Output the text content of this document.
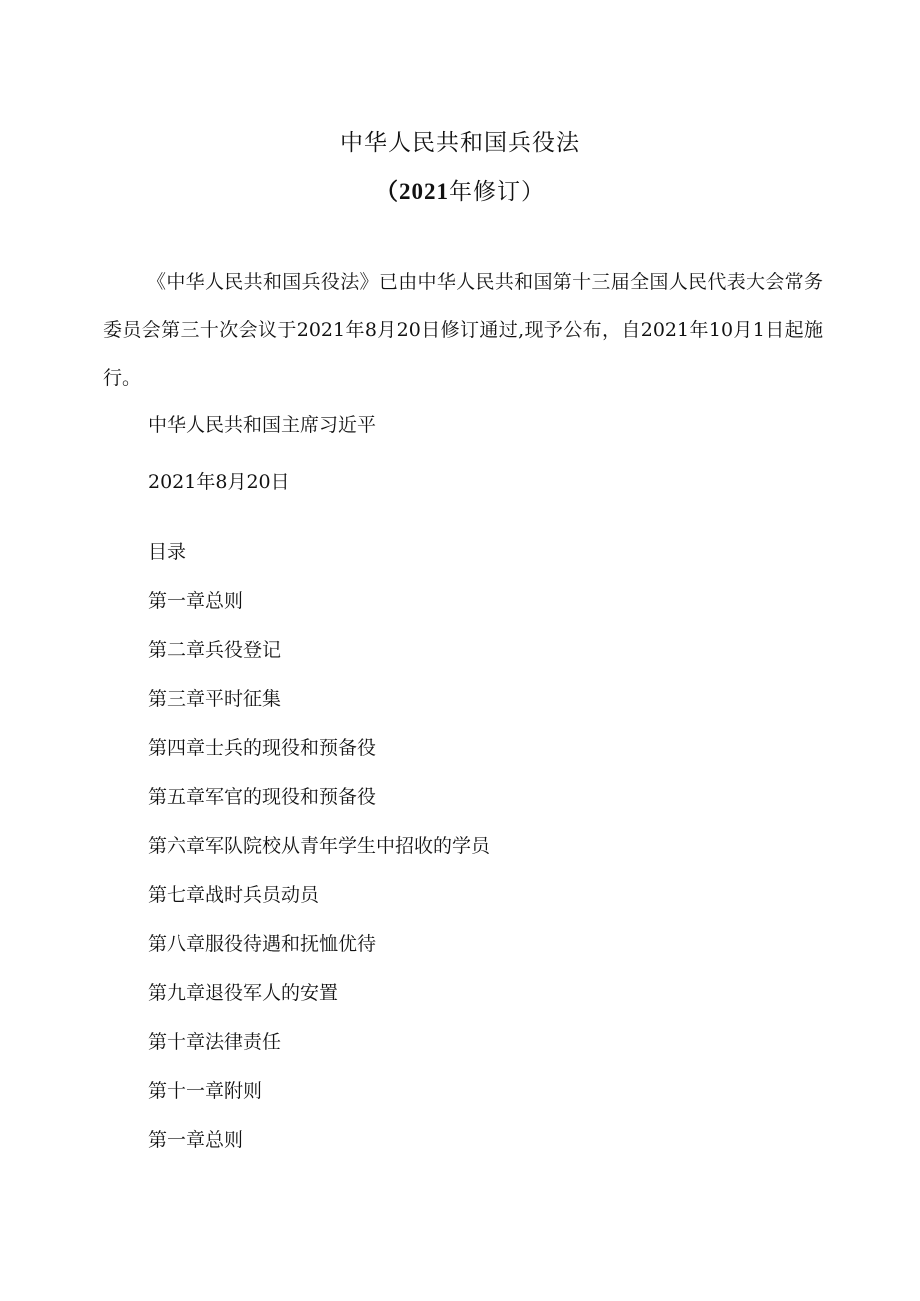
中华人民共和国兵役法
（2021年修订）

《中华人民共和国兵役法》已由中华人民共和国第十三届全国人民代表大会常务委员会第三十次会议于2021年8月20日修订通过,现予公布，自2021年10月1日起施行。

中华人民共和国主席习近平

2021年8月20日

目录
第一章总则
第二章兵役登记
第三章平时征集
第四章士兵的现役和预备役
第五章军官的现役和预备役
第六章军队院校从青年学生中招收的学员
第七章战时兵员动员
第八章服役待遇和抚恤优待
第九章退役军人的安置
第十章法律责任
第十一章附则
第一章总则
